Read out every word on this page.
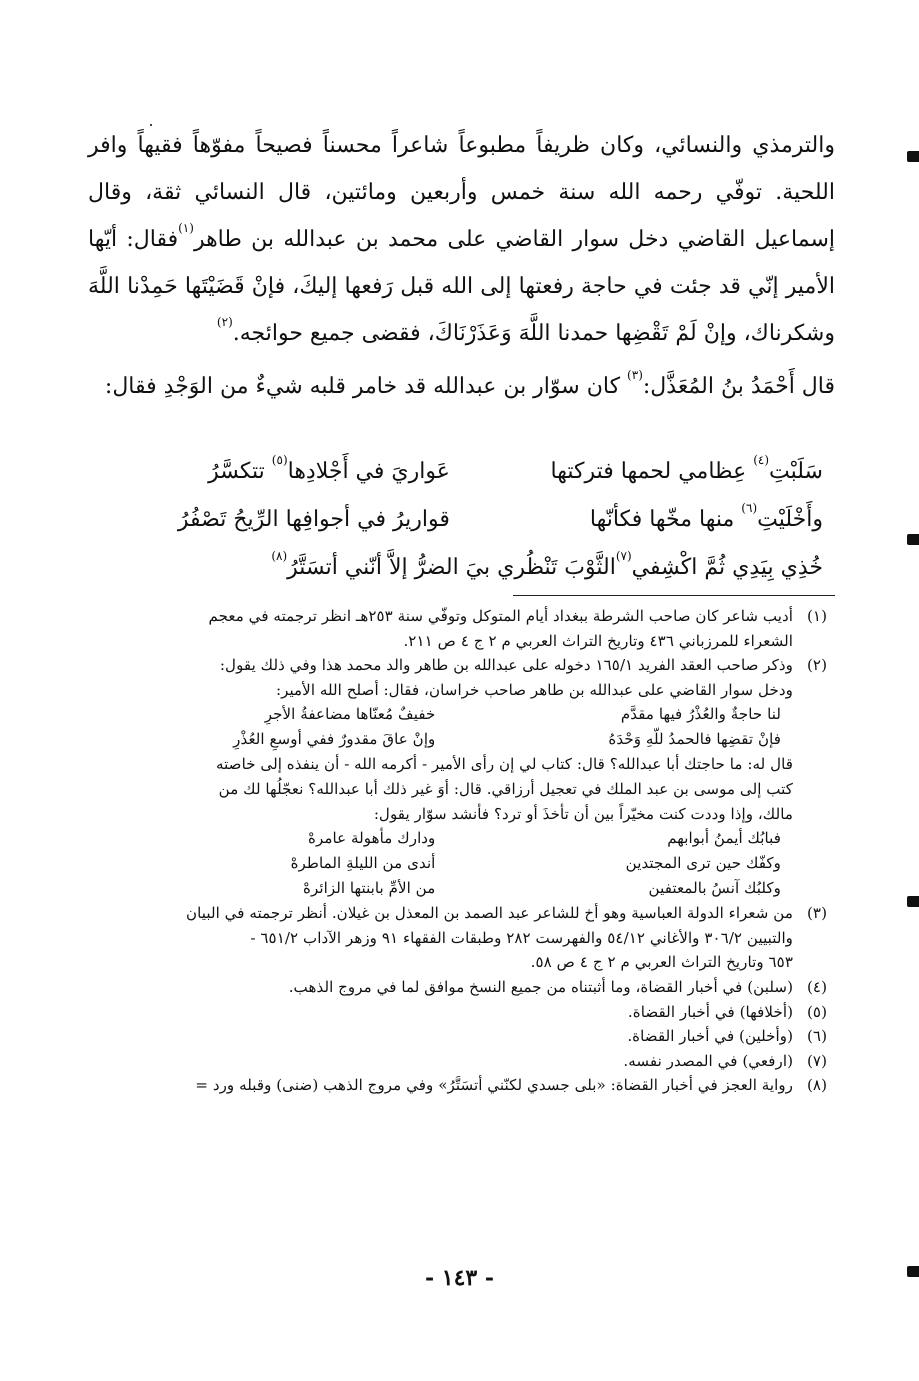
والترمذي والنسائي، وكان ظريفاً مطبوعاً شاعراً محسناً فصيحاً مفوّهاً فقيهاً وافر اللحية. توفّي رحمه الله سنة خمس وأربعين ومائتين، قال النسائي ثقة، وقال إسماعيل القاضي دخل سوار القاضي على محمد بن عبدالله بن طاهر$^{(١)}$فقال: أيّها الأمير إنّي قد جئت في حاجة رفعتها إلى الله قبل رَفعها إليكَ، فإنْ قَضَيْتَها حَمِدْنا اللَّهَ وشكرناك، وإنْ لَمْ تَقْضِها حمدنا اللَّهَ وَعَذَرْنَاكَ، فقضى جميع حوائجه.$^{(٢)}$

قال أَحْمَدُ بنُ المُعَذَّل:$^{(٣)}$ كان سوّار بن عبدالله قد خامر قلبه شيءٌ من الوَجْدِ فقال:

سَلَبْتِ$^{(٤)}$ عِظامي لحمها فتركتها
عَواريَ في أَجْلادِها$^{(٥)}$ تتكسَّرُ
وأَخْلَيْتِ$^{(٦)}$ منها مخّها فكأنّها
قواريرُ في أجوافِها الرِّيحُ تَصْفُرُ
خُذِي بِيَدِي ثُمَّ اكْشِفي$^{(٧)}$الثَّوْبَ تَنْظُري بيَ الضرُّ إلاَّ أنّني أتسَتَّرُ$^{(٨)}$
(١)
أديب شاعر كان صاحب الشرطة ببغداد أيام المتوكل وتوفّي سنة ٢٥٣هـ انظر ترجمته في معجم
الشعراء للمرزباني ٤٣٦ وتاريخ التراث العربي م ٢ ج ٤ ص ٢١١.
(٢)
وذكر صاحب العقد الفريد ١٦٥/١ دخوله على عبدالله بن طاهر والد محمد هذا وفي ذلك يقول:
ودخل سوار القاضي على عبدالله بن طاهر صاحب خراسان، فقال: أصلح الله الأمير:
لنا حاجةٌ والعُذْرُ فيها مقدَّم
خفيفٌ مُعنّاها مضاعفةُ الأجرِ
فإنْ تقضِها فالحمدُ للّهِ وَحْدَهُ
وإنْ عاقَ مقدورٌ ففي أوسعِ العُذْرِ
قال له: ما حاجتك أبا عبدالله؟ قال: كتاب لي إن رأى الأمير - أكرمه الله - أن ينفذه إلى خاصته
كتب إلى موسى بن عبد الملك في تعجيل أرزاقي. قال: أوَ غير ذلك أبا عبدالله؟ نعجّلُها لك من
مالك، وإذا وددت كنت مخيّراً بين أن تأخذَ أو ترد؟ فأنشد سوّار يقول:
فبابُك أيمنُ أبوابهم
ودارك مأهولة عامرهْ
وكفّك حين ترى المجتدين
أندى من الليلةِ الماطرهْ
وكلبُك آنسُ بالمعتفين
من الأمِّ بابنتها الزائرهْ
(٣)
من شعراء الدولة العباسية وهو أخ للشاعر عبد الصمد بن المعذل بن غيلان. أنظر ترجمته في البيان
والتبيين ٣٠٦/٢ والأغاني ٥٤/١٢ والفهرست ٢٨٢ وطبقات الفقهاء ٩١ وزهر الآداب ٦٥١/٢ -
٦٥٣ وتاريخ التراث العربي م ٢ ج ٤ ص ٥٨.
(٤)
(سلبن) في أخبار القضاة، وما أثبتناه من جميع النسخ موافق لما في مروج الذهب.
(٥)
(أخلافها) في أخبار القضاة.
(٦)
(وأخلين) في أخبار القضاة.
(٧)
(ارفعي) في المصدر نفسه.
(٨)
رواية العجز في أخبار القضاة: «بلى جسدي لكنّني أتسَتَّرُ» وفي مروج الذهب (ضنى) وقبله ورد =
- ١٤٣ -
